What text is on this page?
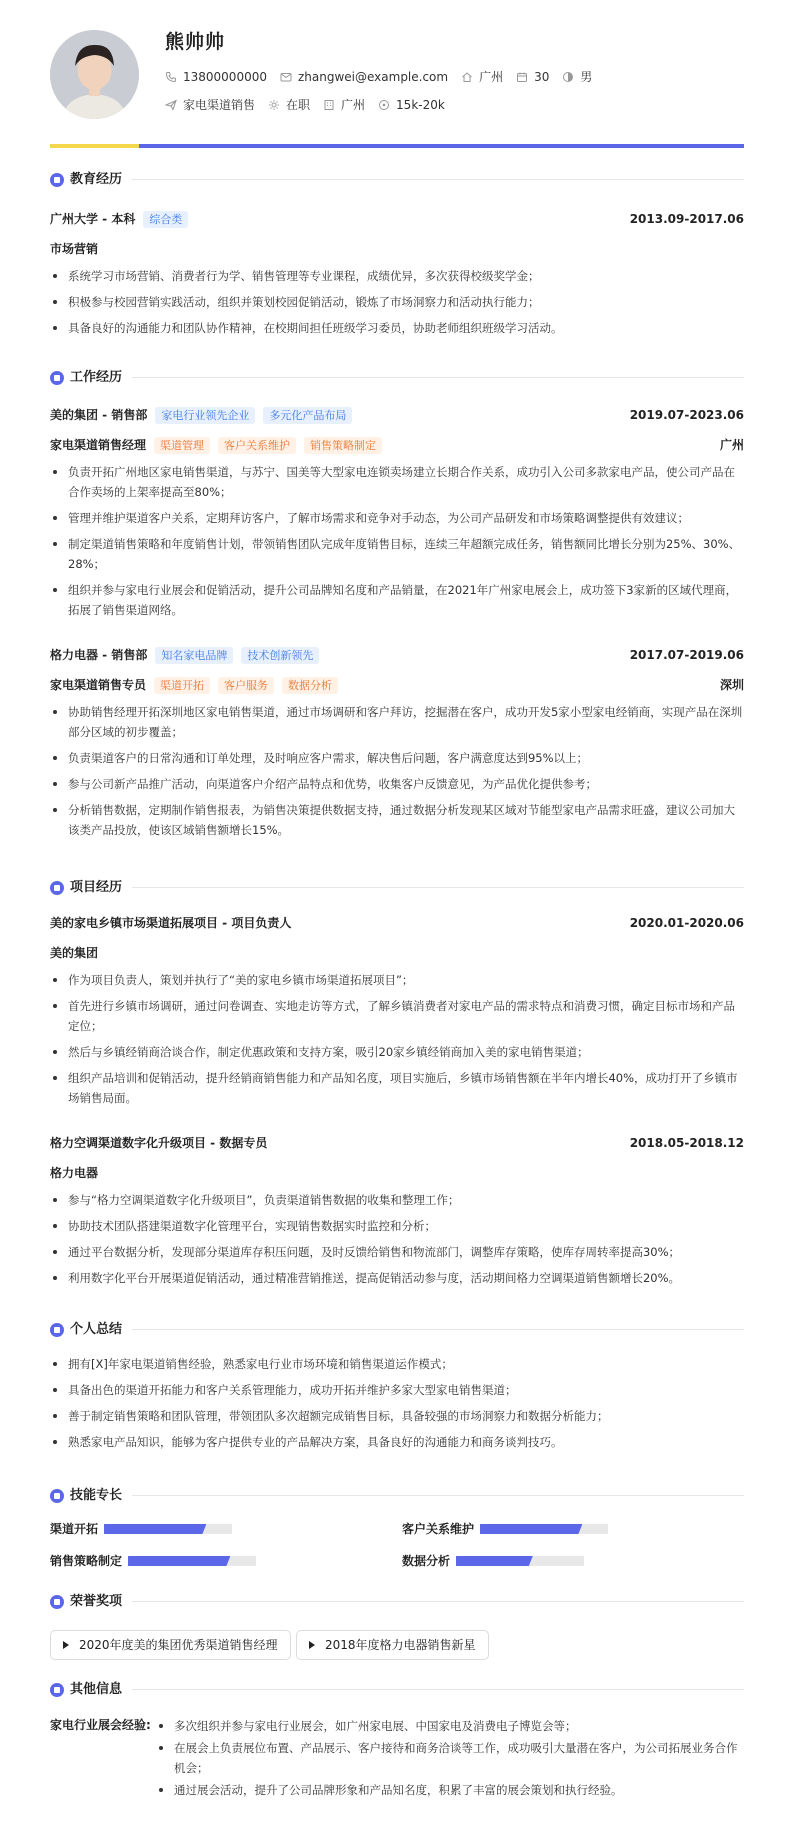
熊帅帅
13800000000	zhangwei@example.com	广州	30	男
家电渠道销售	在职	广州	15k-20k
教育经历
广州大学 - 本科	综合类	2013.09-2017.06
市场营销
系统学习市场营销、消费者行为学、销售管理等专业课程，成绩优异，多次获得校级奖学金；
积极参与校园营销实践活动，组织并策划校园促销活动，锻炼了市场洞察力和活动执行能力；
具备良好的沟通能力和团队协作精神，在校期间担任班级学习委员，协助老师组织班级学习活动。
工作经历
美的集团 - 销售部	家电行业领先企业	多元化产品布局	2019.07-2023.06
家电渠道销售经理	渠道管理	客户关系维护	销售策略制定	广州
负责开拓广州地区家电销售渠道，与苏宁、国美等大型家电连锁卖场建立长期合作关系，成功引入公司多款家电产品，使公司产品在合作卖场的上架率提高至80%；
管理并维护渠道客户关系，定期拜访客户，了解市场需求和竞争对手动态，为公司产品研发和市场策略调整提供有效建议；
制定渠道销售策略和年度销售计划，带领销售团队完成年度销售目标，连续三年超额完成任务，销售额同比增长分别为25%、30%、28%；
组织并参与家电行业展会和促销活动，提升公司品牌知名度和产品销量，在2021年广州家电展会上，成功签下3家新的区域代理商，拓展了销售渠道网络。
格力电器 - 销售部	知名家电品牌	技术创新领先	2017.07-2019.06
家电渠道销售专员	渠道开拓	客户服务	数据分析	深圳
协助销售经理开拓深圳地区家电销售渠道，通过市场调研和客户拜访，挖掘潜在客户，成功开发5家小型家电经销商，实现产品在深圳部分区域的初步覆盖；
负责渠道客户的日常沟通和订单处理，及时响应客户需求，解决售后问题，客户满意度达到95%以上；
参与公司新产品推广活动，向渠道客户介绍产品特点和优势，收集客户反馈意见，为产品优化提供参考；
分析销售数据，定期制作销售报表，为销售决策提供数据支持，通过数据分析发现某区域对节能型家电产品需求旺盛，建议公司加大该类产品投放，使该区域销售额增长15%。
项目经历
美的家电乡镇市场渠道拓展项目 - 项目负责人	2020.01-2020.06
美的集团
作为项目负责人，策划并执行了“美的家电乡镇市场渠道拓展项目”；
首先进行乡镇市场调研，通过问卷调查、实地走访等方式，了解乡镇消费者对家电产品的需求特点和消费习惯，确定目标市场和产品定位；
然后与乡镇经销商洽谈合作，制定优惠政策和支持方案，吸引20家乡镇经销商加入美的家电销售渠道；
组织产品培训和促销活动，提升经销商销售能力和产品知名度，项目实施后，乡镇市场销售额在半年内增长40%，成功打开了乡镇市场销售局面。
格力空调渠道数字化升级项目 - 数据专员	2018.05-2018.12
格力电器
参与“格力空调渠道数字化升级项目”，负责渠道销售数据的收集和整理工作；
协助技术团队搭建渠道数字化管理平台，实现销售数据实时监控和分析；
通过平台数据分析，发现部分渠道库存积压问题，及时反馈给销售和物流部门，调整库存策略，使库存周转率提高30%；
利用数字化平台开展渠道促销活动，通过精准营销推送，提高促销活动参与度，活动期间格力空调渠道销售额增长20%。
个人总结
拥有[X]年家电渠道销售经验，熟悉家电行业市场环境和销售渠道运作模式；
具备出色的渠道开拓能力和客户关系管理能力，成功开拓并维护多家大型家电销售渠道；
善于制定销售策略和团队管理，带领团队多次超额完成销售目标，具备较强的市场洞察力和数据分析能力；
熟悉家电产品知识，能够为客户提供专业的产品解决方案，具备良好的沟通能力和商务谈判技巧。
技能专长
渠道开拓	客户关系维护
销售策略制定	数据分析
荣誉奖项
2020年度美的集团优秀渠道销售经理	2018年度格力电器销售新星
其他信息
家电行业展会经验:	多次组织并参与家电行业展会，如广州家电展、中国家电及消费电子博览会等；
在展会上负责展位布置、产品展示、客户接待和商务洽谈等工作，成功吸引大量潜在客户，为公司拓展业务合作机会；
通过展会活动，提升了公司品牌形象和产品知名度，积累了丰富的展会策划和执行经验。
